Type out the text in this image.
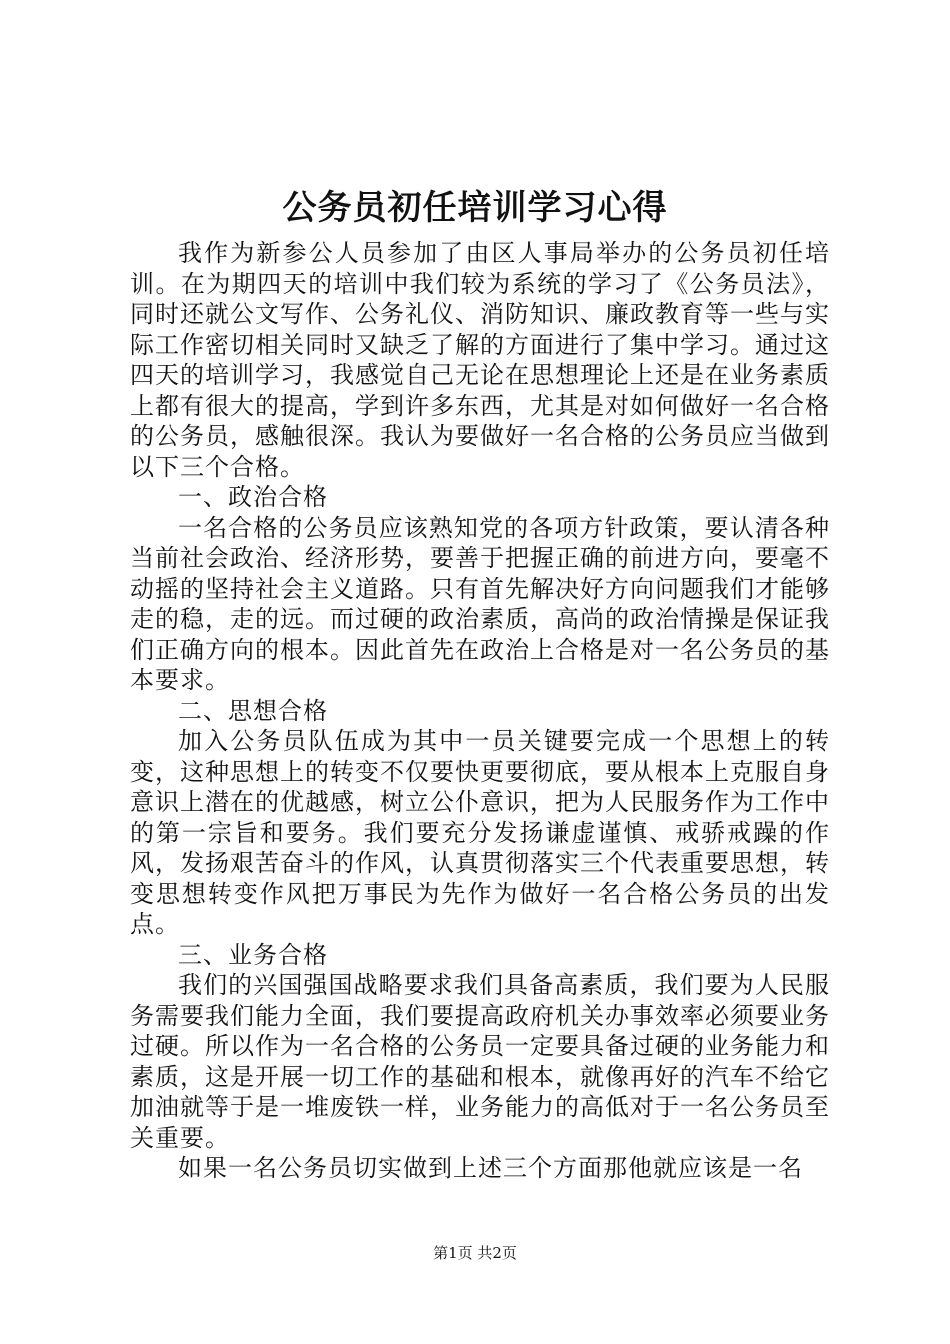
公务员初任培训学习心得

我作为新参公人员参加了由区人事局举办的公务员初任培训。在为期四天的培训中我们较为系统的学习了《公务员法》，同时还就公文写作、公务礼仪、消防知识、廉政教育等一些与实际工作密切相关同时又缺乏了解的方面进行了集中学习。通过这四天的培训学习，我感觉自己无论在思想理论上还是在业务素质上都有很大的提高，学到许多东西，尤其是对如何做好一名合格的公务员，感触很深。我认为要做好一名合格的公务员应当做到以下三个合格。

一、政治合格

一名合格的公务员应该熟知党的各项方针政策，要认清各种当前社会政治、经济形势，要善于把握正确的前进方向，要毫不动摇的坚持社会主义道路。只有首先解决好方向问题我们才能够走的稳，走的远。而过硬的政治素质，高尚的政治情操是保证我们正确方向的根本。因此首先在政治上合格是对一名公务员的基本要求。

二、思想合格

加入公务员队伍成为其中一员关键要完成一个思想上的转变，这种思想上的转变不仅要快更要彻底，要从根本上克服自身意识上潜在的优越感，树立公仆意识，把为人民服务作为工作中的第一宗旨和要务。我们要充分发扬谦虚谨慎、戒骄戒躁的作风，发扬艰苦奋斗的作风，认真贯彻落实三个代表重要思想，转变思想转变作风把万事民为先作为做好一名合格公务员的出发点。

三、业务合格

我们的兴国强国战略要求我们具备高素质，我们要为人民服务需要我们能力全面，我们要提高政府机关办事效率必须要业务过硬。所以作为一名合格的公务员一定要具备过硬的业务能力和素质，这是开展一切工作的基础和根本，就像再好的汽车不给它加油就等于是一堆废铁一样，业务能力的高低对于一名公务员至关重要。

如果一名公务员切实做到上述三个方面那他就应该是一名

第1页 共2页
